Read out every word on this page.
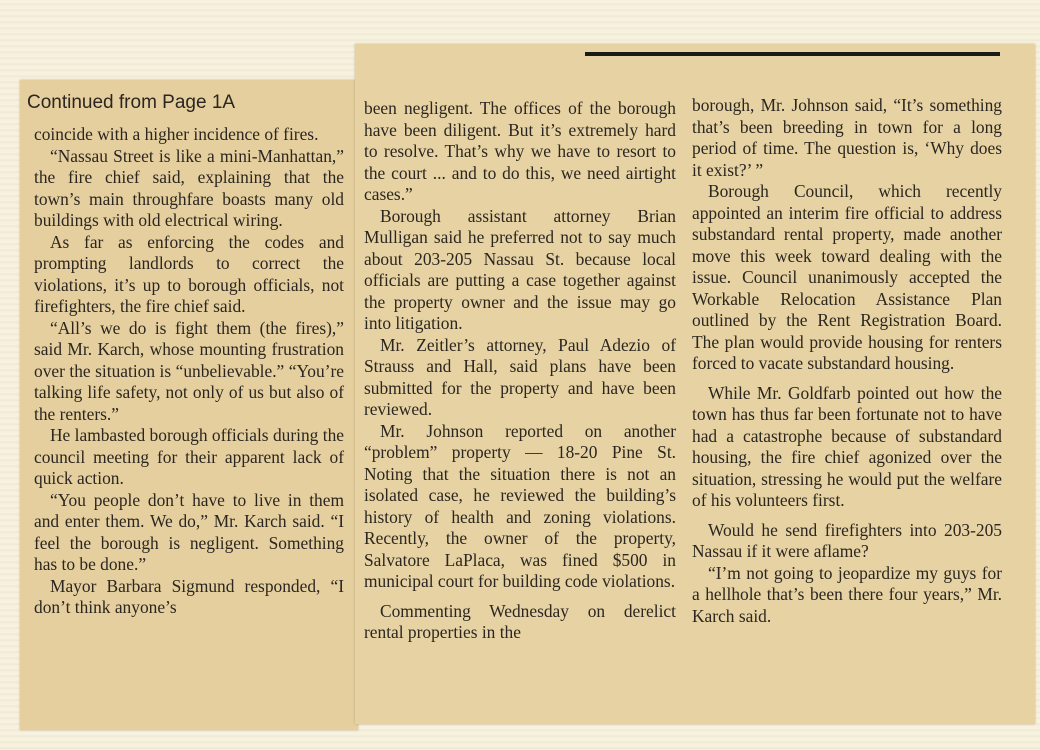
Continued from Page 1A

coincide with a higher incidence of fires.

“Nassau Street is like a mini-Manhattan,” the fire chief said, explaining that the town’s main throughfare boasts many old buildings with old electrical wiring.

As far as enforcing the codes and prompting landlords to correct the violations, it’s up to borough officials, not firefighters, the fire chief said.

“All’s we do is fight them (the fires),” said Mr. Karch, whose mounting frustration over the situation is “unbelievable.” “You’re talking life safety, not only of us but also of the renters.”

He lambasted borough officials during the council meeting for their apparent lack of quick action.

“You people don’t have to live in them and enter them. We do,” Mr. Karch said. “I feel the borough is negligent. Something has to be done.”

Mayor Barbara Sigmund responded, “I don’t think anyone’s

been negligent. The offices of the borough have been diligent. But it’s extremely hard to resolve. That’s why we have to resort to the court ... and to do this, we need airtight cases.”

Borough assistant attorney Brian Mulligan said he preferred not to say much about 203-205 Nassau St. because local officials are putting a case together against the property owner and the issue may go into litigation.

Mr. Zeitler’s attorney, Paul Adezio of Strauss and Hall, said plans have been submitted for the property and have been reviewed.

Mr. Johnson reported on another “problem” property — 18-20 Pine St. Noting that the situation there is not an isolated case, he reviewed the building’s history of health and zoning violations. Recently, the owner of the property, Salvatore LaPlaca, was fined $500 in municipal court for building code violations.

Commenting Wednesday on derelict rental properties in the

borough, Mr. Johnson said, “It’s something that’s been breeding in town for a long period of time. The question is, ‘Why does it exist?’ ”

Borough Council, which recently appointed an interim fire official to address substandard rental property, made another move this week toward dealing with the issue. Council unanimously accepted the Workable Relocation Assistance Plan outlined by the Rent Registration Board. The plan would provide housing for renters forced to vacate substandard housing.

While Mr. Goldfarb pointed out how the town has thus far been fortunate not to have had a catastrophe because of substandard housing, the fire chief agonized over the situation, stressing he would put the welfare of his volunteers first.

Would he send firefighters into 203-205 Nassau if it were aflame?

“I’m not going to jeopardize my guys for a hellhole that’s been there four years,” Mr. Karch said.
